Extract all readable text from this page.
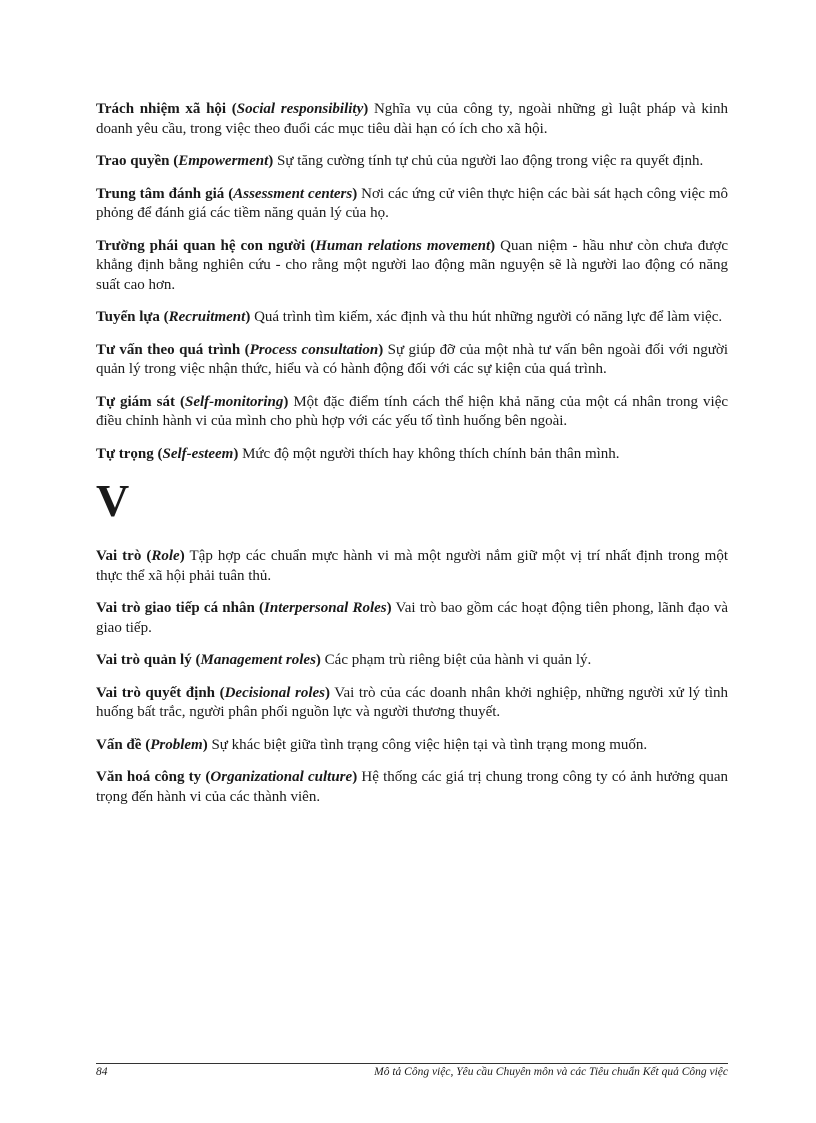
Trách nhiệm xã hội (Social responsibility) Nghĩa vụ của công ty, ngoài những gì luật pháp và kinh doanh yêu cầu, trong việc theo đuổi các mục tiêu dài hạn có ích cho xã hội.

Trao quyền (Empowerment) Sự tăng cường tính tự chủ của người lao động trong việc ra quyết định.

Trung tâm đánh giá (Assessment centers) Nơi các ứng cử viên thực hiện các bài sát hạch công việc mô phỏng để đánh giá các tiềm năng quản lý của họ.

Trường phái quan hệ con người (Human relations movement) Quan niệm - hầu như còn chưa được khẳng định bằng nghiên cứu - cho rằng một người lao động mãn nguyện sẽ là người lao động có năng suất cao hơn.

Tuyển lựa (Recruitment) Quá trình tìm kiếm, xác định và thu hút những người có năng lực để làm việc.

Tư vấn theo quá trình (Process consultation) Sự giúp đỡ của một nhà tư vấn bên ngoài đối với người quản lý trong việc nhận thức, hiểu và có hành động đối với các sự kiện của quá trình.

Tự giám sát (Self-monitoring) Một đặc điểm tính cách thể hiện khả năng của một cá nhân trong việc điều chỉnh hành vi của mình cho phù hợp với các yếu tố tình huống bên ngoài.

Tự trọng (Self-esteem) Mức độ một người thích hay không thích chính bản thân mình.

V

Vai trò (Role) Tập hợp các chuẩn mực hành vi mà một người nắm giữ một vị trí nhất định trong một thực thể xã hội phải tuân thủ.

Vai trò giao tiếp cá nhân (Interpersonal Roles) Vai trò bao gồm các hoạt động tiên phong, lãnh đạo và giao tiếp.

Vai trò quản lý (Management roles) Các phạm trù riêng biệt của hành vi quản lý.

Vai trò quyết định (Decisional roles) Vai trò của các doanh nhân khởi nghiệp, những người xử lý tình huống bất trắc, người phân phối nguồn lực và người thương thuyết.

Vấn đề (Problem) Sự khác biệt giữa tình trạng công việc hiện tại và tình trạng mong muốn.

Văn hoá công ty (Organizational culture) Hệ thống các giá trị chung trong công ty có ảnh hưởng quan trọng đến hành vi của các thành viên.

84	Mô tả Công việc, Yêu cầu Chuyên môn và các Tiêu chuẩn Kết quả Công việc
